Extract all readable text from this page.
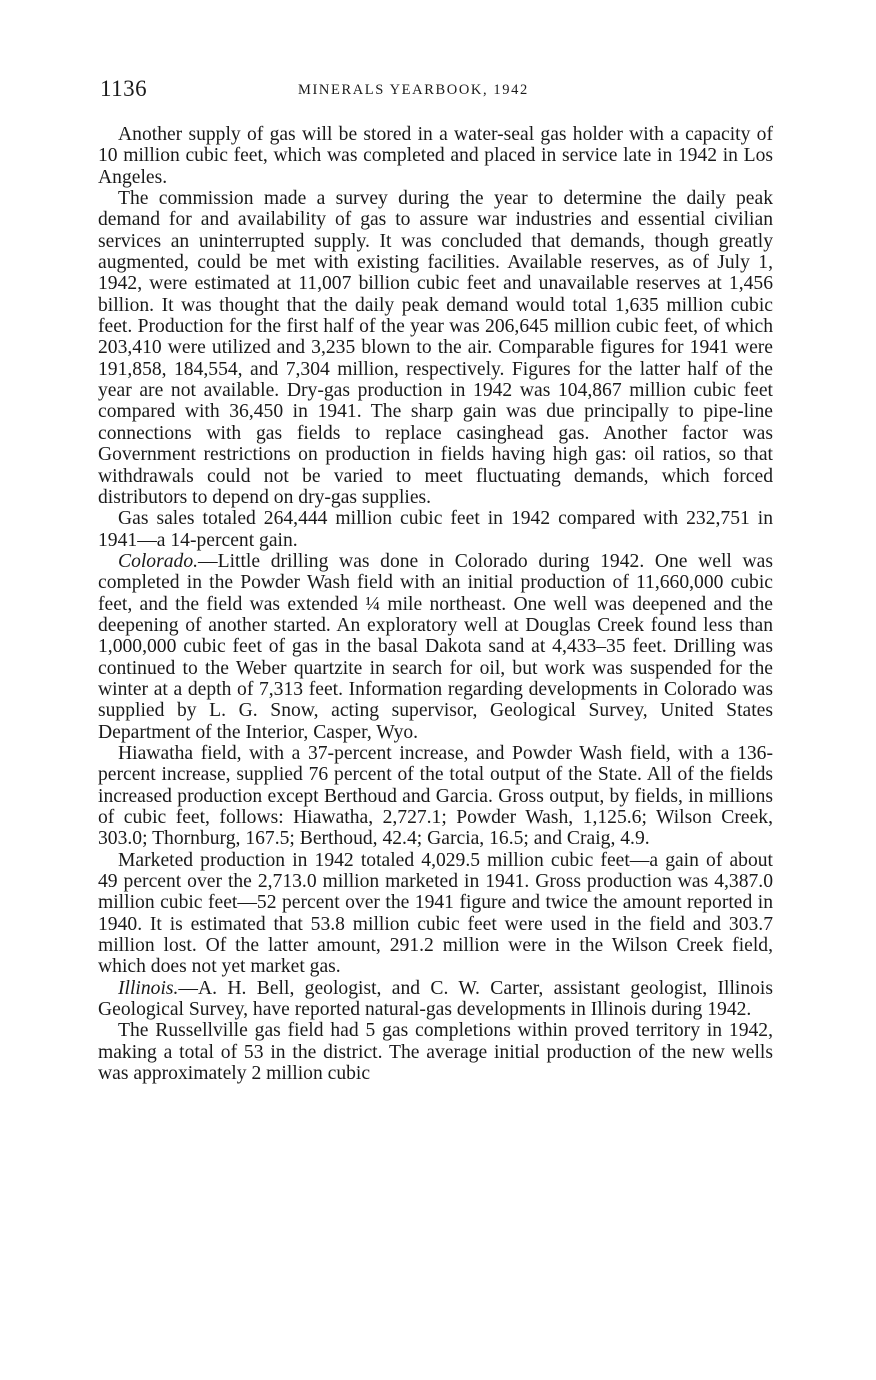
1136	MINERALS YEARBOOK, 1942

Another supply of gas will be stored in a water-seal gas holder with a capacity of 10 million cubic feet, which was completed and placed in service late in 1942 in Los Angeles.

The commission made a survey during the year to determine the daily peak demand for and availability of gas to assure war industries and essential civilian services an uninterrupted supply. It was concluded that demands, though greatly augmented, could be met with existing facilities. Available reserves, as of July 1, 1942, were estimated at 11,007 billion cubic feet and unavailable reserves at 1,456 billion. It was thought that the daily peak demand would total 1,635 million cubic feet. Production for the first half of the year was 206,645 million cubic feet, of which 203,410 were utilized and 3,235 blown to the air. Comparable figures for 1941 were 191,858, 184,554, and 7,304 million, respectively. Figures for the latter half of the year are not available. Dry-gas production in 1942 was 104,867 million cubic feet compared with 36,450 in 1941. The sharp gain was due principally to pipe-line connections with gas fields to replace casinghead gas. Another factor was Government restrictions on production in fields having high gas: oil ratios, so that withdrawals could not be varied to meet fluctuating demands, which forced distributors to depend on dry-gas supplies.

Gas sales totaled 264,444 million cubic feet in 1942 compared with 232,751 in 1941—a 14-percent gain.

Colorado.—Little drilling was done in Colorado during 1942. One well was completed in the Powder Wash field with an initial production of 11,660,000 cubic feet, and the field was extended ¼ mile northeast. One well was deepened and the deepening of another started. An exploratory well at Douglas Creek found less than 1,000,000 cubic feet of gas in the basal Dakota sand at 4,433–35 feet. Drilling was continued to the Weber quartzite in search for oil, but work was suspended for the winter at a depth of 7,313 feet. Information regarding developments in Colorado was supplied by L. G. Snow, acting supervisor, Geological Survey, United States Department of the Interior, Casper, Wyo.

Hiawatha field, with a 37-percent increase, and Powder Wash field, with a 136-percent increase, supplied 76 percent of the total output of the State. All of the fields increased production except Berthoud and Garcia. Gross output, by fields, in millions of cubic feet, follows: Hiawatha, 2,727.1; Powder Wash, 1,125.6; Wilson Creek, 303.0; Thornburg, 167.5; Berthoud, 42.4; Garcia, 16.5; and Craig, 4.9.

Marketed production in 1942 totaled 4,029.5 million cubic feet—a gain of about 49 percent over the 2,713.0 million marketed in 1941. Gross production was 4,387.0 million cubic feet—52 percent over the 1941 figure and twice the amount reported in 1940. It is estimated that 53.8 million cubic feet were used in the field and 303.7 million lost. Of the latter amount, 291.2 million were in the Wilson Creek field, which does not yet market gas.

Illinois.—A. H. Bell, geologist, and C. W. Carter, assistant geologist, Illinois Geological Survey, have reported natural-gas developments in Illinois during 1942.

The Russellville gas field had 5 gas completions within proved territory in 1942, making a total of 53 in the district. The average initial production of the new wells was approximately 2 million cubic
